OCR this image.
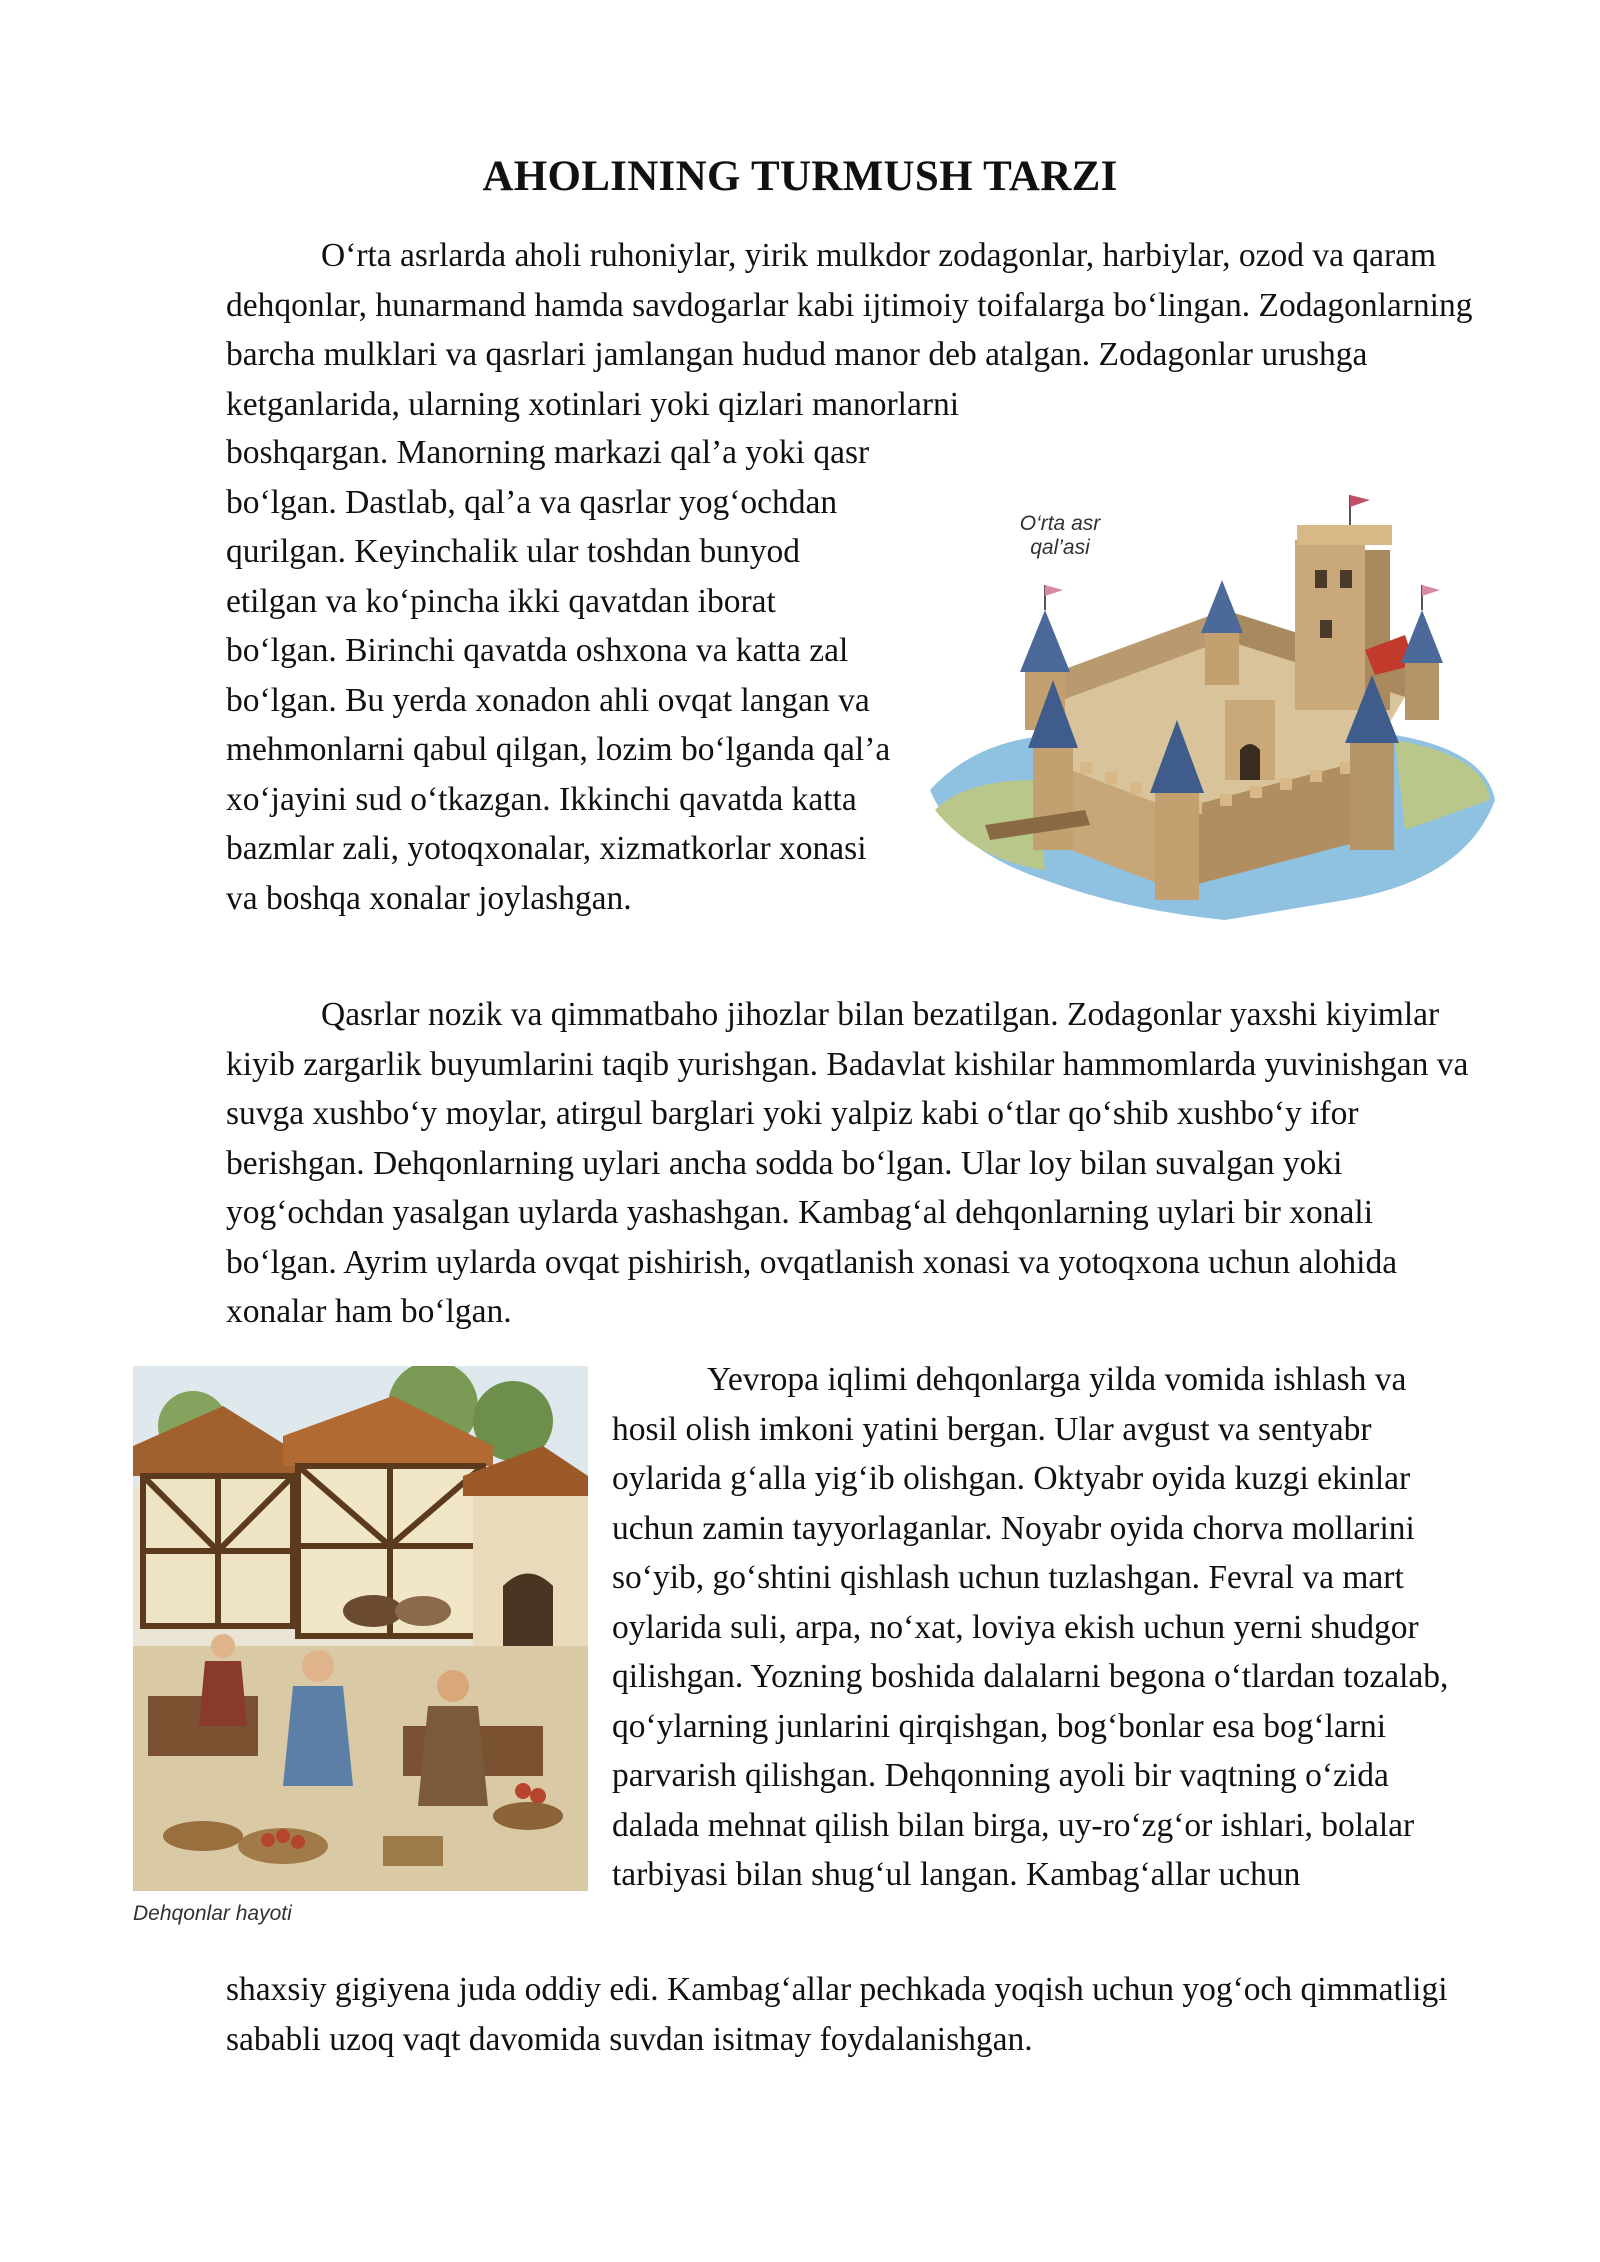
AHOLINING TURMUSH TARZI

O‘rta asrlarda aholi ruhoniylar, yirik mulkdor zodagonlar, harbiylar, ozod va qaram dehqonlar, hunarmand hamda savdogarlar kabi ijtimoiy toifalarga bo‘lingan. Zodagonlarning barcha mulklari va qasrlari jamlangan hudud manor deb atalgan. Zodagonlar urushga ketganlarida, ularning xotinlari yoki qizlari manorlarni

boshqargan. Manorning markazi qal’a yoki qasr bo‘lgan. Dastlab, qal’a va qasrlar yog‘ochdan qurilgan. Keyinchalik ular toshdan bunyod etilgan va ko‘pincha ikki qavatdan iborat bo‘lgan. Birinchi qavatda oshxona va katta zal bo‘lgan. Bu yerda xonadon ahli ovqat langan va mehmonlarni qabul qilgan, lozim bo‘lganda qal’a xo‘jayini sud o‘tkazgan. Ikkinchi qavatda katta bazmlar zali, yotoqxonalar, xizmatkorlar xonasi va boshqa xonalar joylashgan.

O‘rta asr qal’asi

Qasrlar nozik va qimmatbaho jihozlar bilan bezatilgan. Zodagonlar yaxshi kiyimlar kiyib zargarlik buyumlarini taqib yurishgan. Badavlat kishilar hammomlarda yuvinishgan va suvga xushbo‘y moylar, atirgul barglari yoki yalpiz kabi o‘tlar qo‘shib xushbo‘y ifor berishgan. Dehqonlarning uylari ancha sodda bo‘lgan. Ular loy bilan suvalgan yoki yog‘ochdan yasalgan uylarda yashashgan. Kambag‘al dehqonlarning uylari bir xonali bo‘lgan. Ayrim uylarda ovqat pishirish, ovqatlanish xonasi va yotoqxona uchun alohida xonalar ham bo‘lgan.

Dehqonlar hayoti

Yevropa iqlimi dehqonlarga yilda vomida ishlash va hosil olish imkoni yatini bergan. Ular avgust va sentyabr oylarida g‘alla yig‘ib olishgan. Oktyabr oyida kuzgi ekinlar uchun zamin tayyorlaganlar. Noyabr oyida chorva mollarini so‘yib, go‘shtini qishlash uchun tuzlashgan. Fevral va mart oylarida suli, arpa, no‘xat, loviya ekish uchun yerni shudgor qilishgan. Yozning boshida dalalarni begona o‘tlardan tozalab, qo‘ylarning junlarini qirqishgan, bog‘bonlar esa bog‘larni parvarish qilishgan. Dehqonning ayoli bir vaqtning o‘zida dalada mehnat qilish bilan birga, uy-ro‘zg‘or ishlari, bolalar tarbiyasi bilan shug‘ul langan. Kambag‘allar uchun

shaxsiy gigiyena juda oddiy edi. Kambag‘allar pechkada yoqish uchun yog‘och qimmatligi sababli uzoq vaqt davomida suvdan isitmay foydalanishgan.
